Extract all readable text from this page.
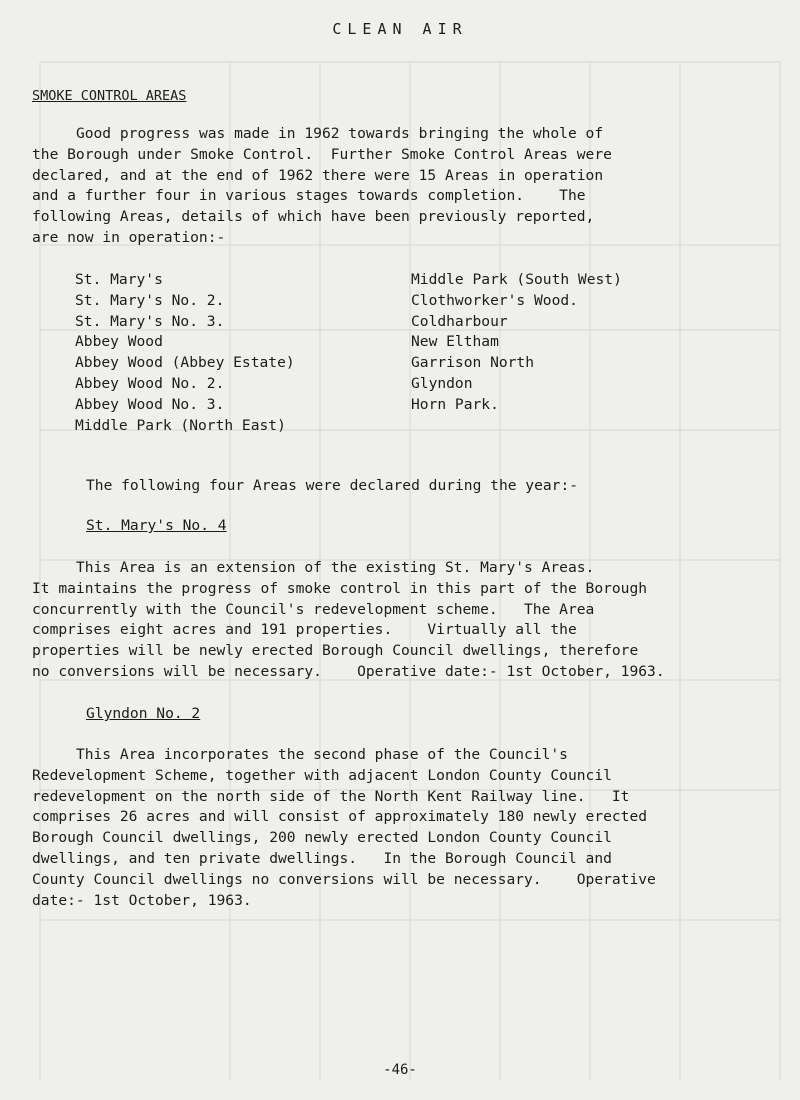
CLEAN AIR
SMOKE CONTROL AREAS

Good progress was made in 1962 towards bringing the whole of
the Borough under Smoke Control.  Further Smoke Control Areas were
declared, and at the end of 1962 there were 15 Areas in operation
and a further four in various stages towards completion.    The
following Areas, details of which have been previously reported,
are now in operation:-

St. Mary's
St. Mary's No. 2.
St. Mary's No. 3.
Abbey Wood
Abbey Wood (Abbey Estate)
Abbey Wood No. 2.
Abbey Wood No. 3.
Middle Park (North East)
Middle Park (South West)
Clothworker's Wood.
Coldharbour
New Eltham
Garrison North
Glyndon
Horn Park.
The following four Areas were declared during the year:-
St. Mary's No. 4

This Area is an extension of the existing St. Mary's Areas.
It maintains the progress of smoke control in this part of the Borough
concurrently with the Council's redevelopment scheme.   The Area
comprises eight acres and 191 properties.    Virtually all the
properties will be newly erected Borough Council dwellings, therefore
no conversions will be necessary.    Operative date:- 1st October, 1963.

Glyndon No. 2

This Area incorporates the second phase of the Council's
Redevelopment Scheme, together with adjacent London County Council
redevelopment on the north side of the North Kent Railway line.   It
comprises 26 acres and will consist of approximately 180 newly erected
Borough Council dwellings, 200 newly erected London County Council
dwellings, and ten private dwellings.   In the Borough Council and
County Council dwellings no conversions will be necessary.    Operative
date:- 1st October, 1963.

-46-
